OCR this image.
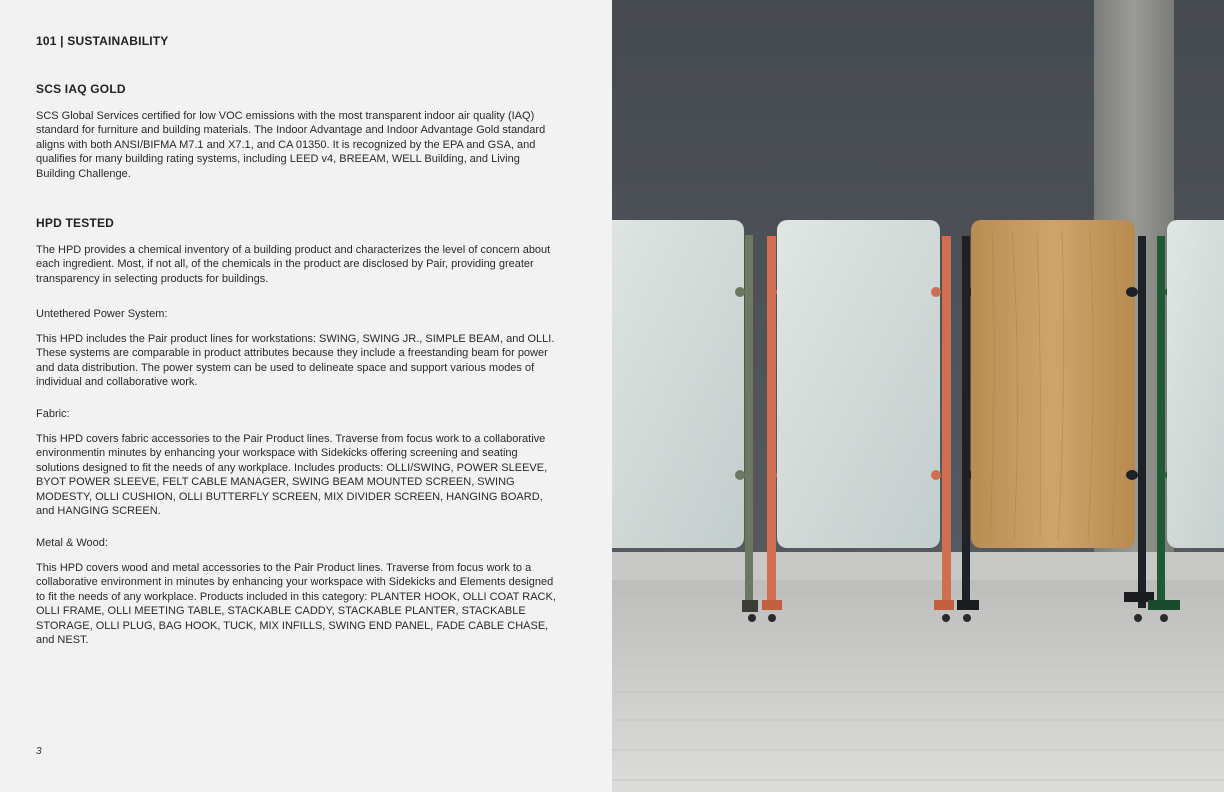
101 | SUSTAINABILITY
SCS IAQ GOLD

SCS Global Services certified for low VOC emissions with the most transparent indoor air quality (IAQ) standard for furniture and building materials. The Indoor Advantage and Indoor Advantage Gold standard aligns with both ANSI/BIFMA M7.1 and X7.1, and CA 01350. It is recognized by the EPA and GSA, and qualifies for many building rating systems, including LEED v4, BREEAM, WELL Building, and Living Building Challenge.

HPD TESTED

The HPD provides a chemical inventory of a building product and characterizes the level of concern about each ingredient. Most, if not all, of the chemicals in the product are disclosed by Pair, providing greater transparency in selecting products for buildings.

Untethered Power System:

This HPD includes the Pair product lines for workstations: SWING, SWING JR., SIMPLE BEAM, and OLLI. These systems are comparable in product attributes because they include a freestanding beam for power and data distribution. The power system can be used to delineate space and support various modes of individual and collaborative work.

Fabric:

This HPD covers fabric accessories to the Pair Product lines. Traverse from focus work to a collaborative environmentin minutes by enhancing your workspace with Sidekicks offering screening and seating solutions designed to fit the needs of any workplace. Includes products: OLLI/SWING, POWER SLEEVE, BYOT POWER SLEEVE, FELT CABLE MANAGER, SWING BEAM MOUNTED SCREEN, SWING MODESTY, OLLI CUSHION, OLLI BUTTERFLY SCREEN, MIX DIVIDER SCREEN, HANGING BOARD, and HANGING SCREEN.

Metal & Wood:

This HPD covers wood and metal accessories to the Pair Product lines. Traverse from focus work to a collaborative environment in minutes by enhancing your workspace with Sidekicks and Elements designed to fit the needs of any workplace. Products included in this category: PLANTER HOOK, OLLI COAT RACK, OLLI FRAME, OLLI MEETING TABLE, STACKABLE CADDY, STACKABLE PLANTER, STACKABLE STORAGE, OLLI PLUG, BAG HOOK, TUCK, MIX INFILLS, SWING END PANEL, FADE CABLE CHASE, and NEST.

3
